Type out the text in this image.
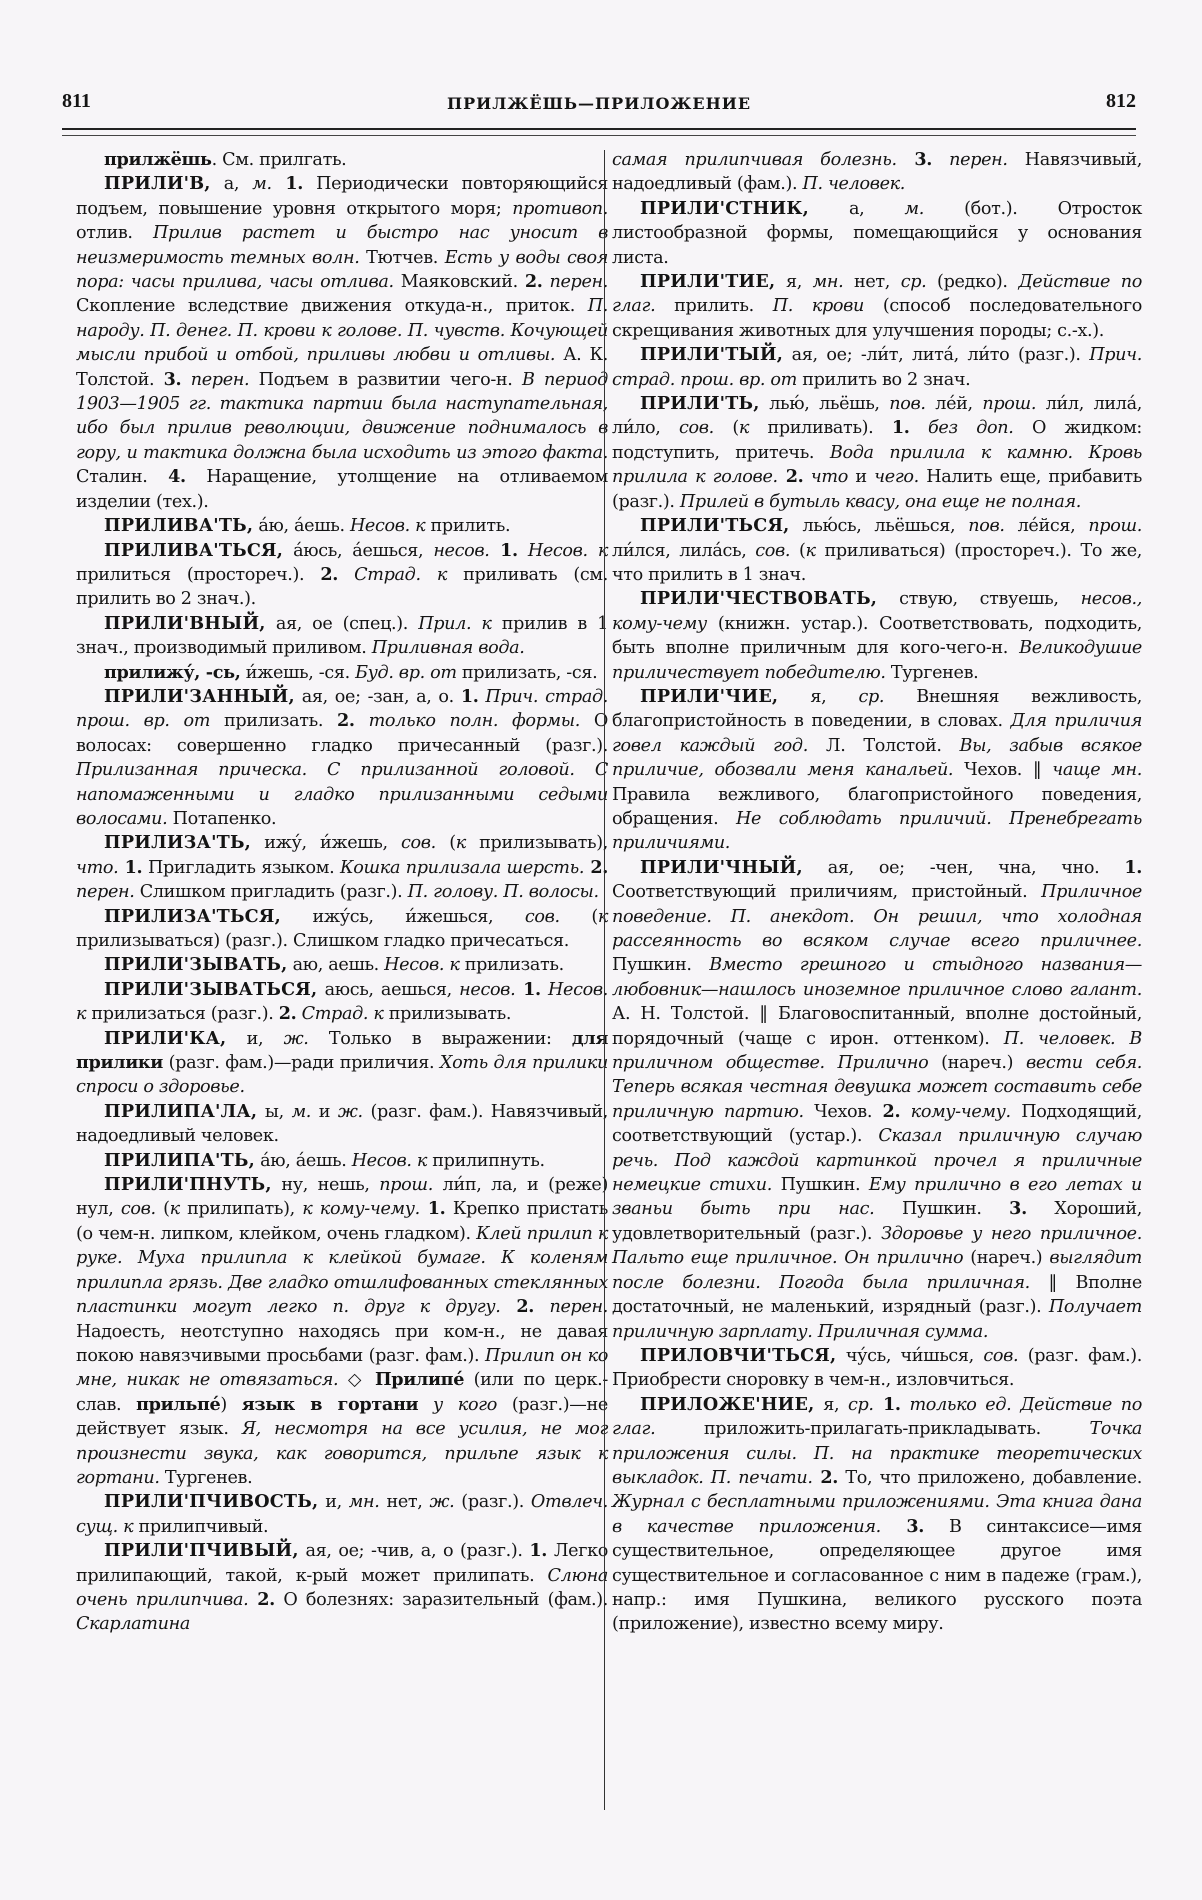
811	ПРИЛЖЁШЬ—ПРИЛОЖЕНИЕ	812

прилжёшь. См. прилгать.

ПРИЛИ'В, а, м. 1. Периодически повторяющийся подъем, повышение уровня открытого моря; противоп. отлив. Прилив растет и быстро нас уносит в неизмеримость темных волн. Тютчев. Есть у воды своя пора: часы прилива, часы отлива. Маяковский. 2. перен. Скопление вследствие движения откуда-н., приток. П. народу. П. денег. П. крови к голове. П. чувств. Кочующей мысли прибой и отбой, приливы любви и отливы. А. К. Толстой. 3. перен. Подъем в развитии чего-н. В период 1903—1905 гг. тактика партии была наступательная, ибо был прилив революции, движение поднималось в гору, и тактика должна была исходить из этого факта. Сталин. 4. Наращение, утолщение на отливаемом изделии (тех.).

ПРИЛИВА'ТЬ, а́ю, а́ешь. Несов. к прилить.

ПРИЛИВА'ТЬСЯ, а́юсь, а́ешься, несов. 1. Несов. к прилиться (простореч.). 2. Страд. к приливать (см. прилить во 2 знач.).

ПРИЛИ'ВНЫЙ, ая, ое (спец.). Прил. к прилив в 1 знач., производимый приливом. Приливная вода.

прилижу́, -сь, и́жешь, -ся. Буд. вр. от прилизать, -ся.

ПРИЛИ'ЗАННЫЙ, ая, ое; -зан, а, о. 1. Прич. страд. прош. вр. от прилизать. 2. только полн. формы. О волосах: совершенно гладко причесанный (разг.). Прилизанная прическа. С прилизанной головой. С напомаженными и гладко прилизанными седыми волосами. Потапенко.

ПРИЛИЗА'ТЬ, ижу́, и́жешь, сов. (к прилизывать), что. 1. Пригладить языком. Кошка прилизала шерсть. 2. перен. Слишком пригладить (разг.). П. голову. П. волосы.

ПРИЛИЗА'ТЬСЯ, ижу́сь, и́жешься, сов. (к прилизываться) (разг.). Слишком гладко причесаться.

ПРИЛИ'ЗЫВАТЬ, аю, аешь. Несов. к прилизать.

ПРИЛИ'ЗЫВАТЬСЯ, аюсь, аешься, несов. 1. Несов. к прилизаться (разг.). 2. Страд. к прилизывать.

ПРИЛИ'КА, и, ж. Только в выражении: для прилики (разг. фам.)—ради приличия. Хоть для прилики спроси о здоровье.

ПРИЛИПА'ЛА, ы, м. и ж. (разг. фам.). Навязчивый, надоедливый человек.

ПРИЛИПА'ТЬ, а́ю, а́ешь. Несов. к прилипнуть.

ПРИЛИ'ПНУТЬ, ну, нешь, прош. ли́п, ла, и (реже) нул, сов. (к прилипать), к кому-чему. 1. Крепко пристать (о чем-н. липком, клейком, очень гладком). Клей прилип к руке. Муха прилипла к клейкой бумаге. К коленям прилипла грязь. Две гладко отшлифованных стеклянных пластинки могут легко п. друг к другу. 2. перен. Надоесть, неотступно находясь при ком-н., не давая покою навязчивыми просьбами (разг. фам.). Прилип он ко мне, никак не отвязаться. ◇ Прилипе́ (или по церк.-слав. прильпе́) язык в гортани у кого (разг.)—не действует язык. Я, несмотря на все усилия, не мог произнести звука, как говорится, прильпе язык к гортани. Тургенев.

ПРИЛИ'ПЧИВОСТЬ, и, мн. нет, ж. (разг.). Отвлеч. сущ. к прилипчивый.

ПРИЛИ'ПЧИВЫЙ, ая, ое; -чив, а, о (разг.). 1. Легко прилипающий, такой, к-рый может прилипать. Слюна очень прилипчива. 2. О болезнях: заразительный (фам.). Скарлатина

самая прилипчивая болезнь. 3. перен. Навязчивый, надоедливый (фам.). П. человек.

ПРИЛИ'СТНИК, а, м. (бот.). Отросток листообразной формы, помещающийся у основания листа.

ПРИЛИ'ТИЕ, я, мн. нет, ср. (редко). Действие по глаг. прилить. П. крови (способ последовательного скрещивания животных для улучшения породы; с.-х.).

ПРИЛИ'ТЫЙ, ая, ое; -ли́т, лита́, ли́то (разг.). Прич. страд. прош. вр. от прилить во 2 знач.

ПРИЛИ'ТЬ, лью́, льёшь, пов. ле́й, прош. ли́л, лила́, ли́ло, сов. (к приливать). 1. без доп. О жидком: подступить, притечь. Вода прилила к камню. Кровь прилила к голове. 2. что и чего. Налить еще, прибавить (разг.). Прилей в бутыль квасу, она еще не полная.

ПРИЛИ'ТЬСЯ, лью́сь, льёшься, пов. ле́йся, прош. ли́лся, лила́сь, сов. (к приливаться) (простореч.). То же, что прилить в 1 знач.

ПРИЛИ'ЧЕСТВОВАТЬ, ствую, ствуешь, несов., кому-чему (книжн. устар.). Соответствовать, подходить, быть вполне приличным для кого-чего-н. Великодушие приличествует победителю. Тургенев.

ПРИЛИ'ЧИЕ, я, ср. Внешняя вежливость, благопристойность в поведении, в словах. Для приличия говел каждый год. Л. Толстой. Вы, забыв всякое приличие, обозвали меня канальей. Чехов. ‖ чаще мн. Правила вежливого, благопристойного поведения, обращения. Не соблюдать приличий. Пренебрегать приличиями.

ПРИЛИ'ЧНЫЙ, ая, ое; -чен, чна, чно. 1. Соответствующий приличиям, пристойный. Приличное поведение. П. анекдот. Он решил, что холодная рассеянность во всяком случае всего приличнее. Пушкин. Вместо грешного и стыдного названия—любовник—нашлось иноземное приличное слово галант. А. Н. Толстой. ‖ Благовоспитанный, вполне достойный, порядочный (чаще с ирон. оттенком). П. человек. В приличном обществе. Прилично (нареч.) вести себя. Теперь всякая честная девушка может составить себе приличную партию. Чехов. 2. кому-чему. Подходящий, соответствующий (устар.). Сказал приличную случаю речь. Под каждой картинкой прочел я приличные немецкие стихи. Пушкин. Ему прилично в его летах и званьи быть при нас. Пушкин. 3. Хороший, удовлетворительный (разг.). Здоровье у него приличное. Пальто еще приличное. Он прилично (нареч.) выглядит после болезни. Погода была приличная. ‖ Вполне достаточный, не маленький, изрядный (разг.). Получает приличную зарплату. Приличная сумма.

ПРИЛОВЧИ'ТЬСЯ, чу́сь, чи́шься, сов. (разг. фам.). Приобрести сноровку в чем-н., изловчиться.

ПРИЛОЖЕ'НИЕ, я, ср. 1. только ед. Действие по глаг. приложить-прилагать-прикладывать. Точка приложения силы. П. на практике теоретических выкладок. П. печати. 2. То, что приложено, добавление. Журнал с бесплатными приложениями. Эта книга дана в качестве приложения. 3. В синтаксисе—имя существительное, определяющее другое имя существительное и согласованное с ним в падеже (грам.), напр.: имя Пушкина, великого русского поэта (приложение), известно всему миру.
